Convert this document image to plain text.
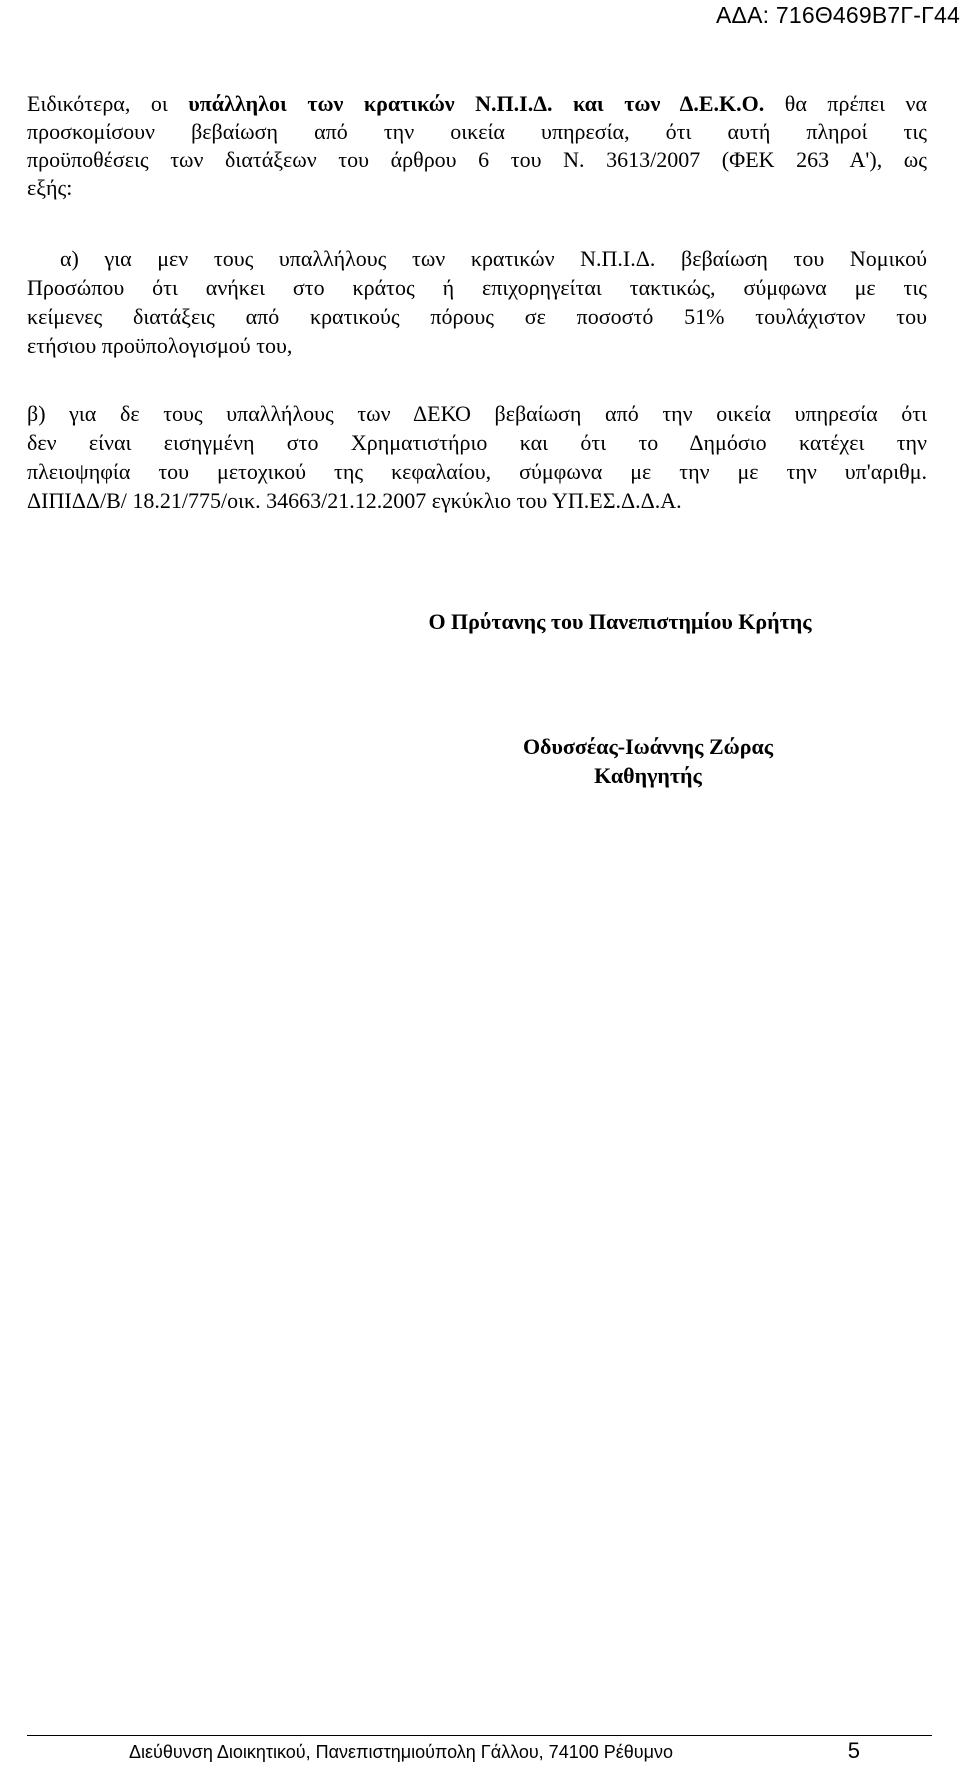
ΑΔΑ: 716Θ469Β7Γ-Γ44
Ειδικότερα, οι υπάλληλοι των κρατικών Ν.Π.Ι.Δ. και των Δ.Ε.Κ.Ο. θα πρέπει να
προσκομίσουν βεβαίωση από την οικεία υπηρεσία, ότι αυτή πληροί τις
προϋποθέσεις των διατάξεων του άρθρου 6 του Ν. 3613/2007 (ΦΕΚ 263 Α'), ως
εξής:
α) για μεν τους υπαλλήλους των κρατικών Ν.Π.Ι.Δ. βεβαίωση του Νομικού
Προσώπου ότι ανήκει στο κράτος ή επιχορηγείται τακτικώς, σύμφωνα με τις
κείμενες διατάξεις από κρατικούς πόρους σε ποσοστό 51% τουλάχιστον του
ετήσιου προϋπολογισμού του,
β) για δε τους υπαλλήλους των ΔΕΚΟ βεβαίωση από την οικεία υπηρεσία ότι
δεν είναι εισηγμένη στο Χρηματιστήριο και ότι το Δημόσιο κατέχει την
πλειοψηφία του μετοχικού της κεφαλαίου, σύμφωνα με την με την υπ'αριθμ.
ΔΙΠΙΔΔ/Β/ 18.21/775/οικ. 34663/21.12.2007 εγκύκλιο του ΥΠ.ΕΣ.Δ.Δ.Α.
Ο Πρύτανης του Πανεπιστημίου Κρήτης
Οδυσσέας-Ιωάννης Ζώρας
Καθηγητής
Διεύθυνση Διοικητικού, Πανεπιστημιούπολη Γάλλου, 74100 Ρέθυμνο	5
